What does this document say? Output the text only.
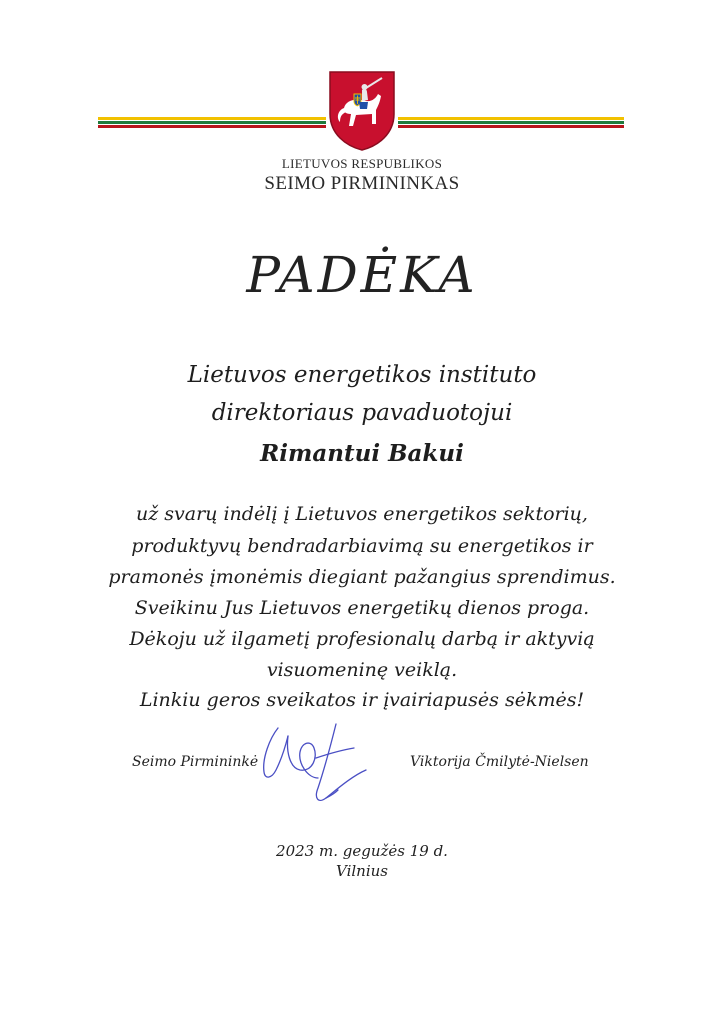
LIETUVOS RESPUBLIKOS
SEIMO PIRMININKAS
PADĖKA
Lietuvos energetikos instituto
direktoriaus pavaduotojui
Rimantui Bakui
už svarų indėlį į Lietuvos energetikos sektorių,
produktyvų bendradarbiavimą su energetikos ir
pramonės įmonėmis diegiant pažangius sprendimus.
Sveikinu Jus Lietuvos energetikų dienos proga.
Dėkoju už ilgametį profesionalų darbą ir aktyvią
visuomeninę veiklą.
Linkiu geros sveikatos ir įvairiapusės sėkmės!
Seimo Pirmininkė	Viktorija Čmilytė-Nielsen
2023 m. gegužės 19 d.
Vilnius
